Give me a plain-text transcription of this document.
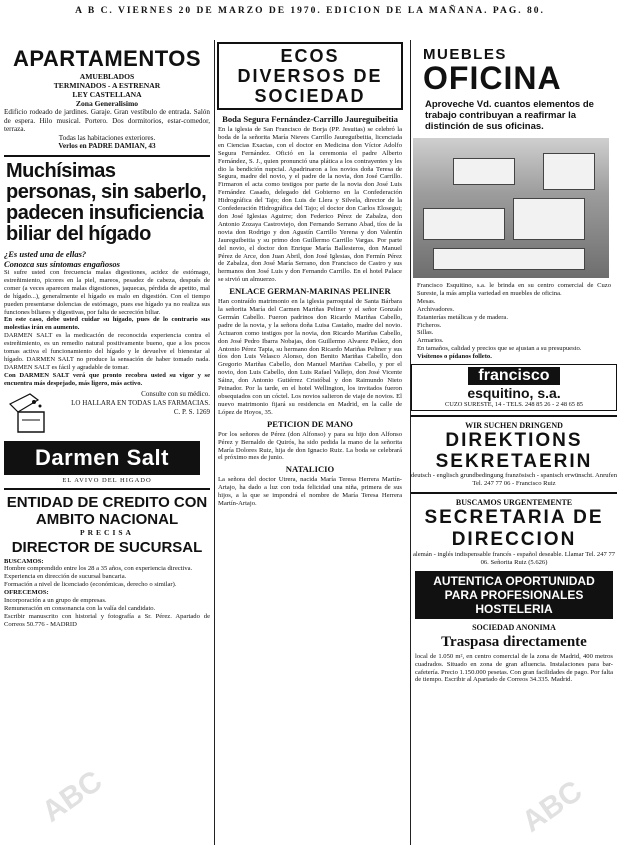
A B C. VIERNES 20 DE MARZO DE 1970. EDICION DE LA MAÑANA. PAG. 80.
APARTAMENTOS
AMUEBLADOS
TERMINADOS - A ESTRENAR
LEY CASTELLANA
Zona Generalisimo
Edificio rodeado de jardines. Garaje. Gran vestíbulo de entrada. Salón de espera. Hilo musical. Portero. Dos dormitorios, estar-comedor, terraza.
Todas las habitaciones exteriores.
Verlos en PADRE DAMIAN, 43
Muchísimas personas, sin saberlo, padecen insuficiencia biliar del hígado
¿Es usted una de ellas?
Conozca sus síntomas engañosos
Si sufre usted con frecuencia malas digestiones, acidez de estómago, estreñimiento, picores en la piel, mareos, pesadez de cabeza, después de comer (a veces aparecen malas digestiones, jaquecas, pérdida de apetito, mal de hígado...), generalmente el hígado es malo en digestión. Con el tiempo pueden presentarse dolencias de estómago, pues ese hígado ya no realiza sus funciones biliares y digestivas, por falta de secreción biliar.
En este caso, debe usted cuidar su hígado, pues de lo contrario sus molestias irán en aumento.
DARMEN SALT es la medicación de reconocida experiencia contra el estreñimiento, es un remedio natural positivamente bueno, que a los pocos tomas activa el funcionamiento del hígado y le devuelve el bienestar al hígado. DARMEN SALT no produce la sensación de haber tomado nada. DARMEN SALT es fácil y agradable de tomar.
Con DARMEN SALT verá que pronto recobra usted su vigor y se encuentra más despejado, más ligero, más activo.
Consulte con su médico.
LO HALLARA EN TODAS LAS FARMACIAS.
C. P. S. 1269
Darmen Salt
EL AVIVO DEL HIGADO
ENTIDAD DE CREDITO CON AMBITO NACIONAL
PRECISA
DIRECTOR DE SUCURSAL
BUSCAMOS:
Hombre comprendido entre los 28 a 35 años, con experiencia directiva.
Experiencia en dirección de sucursal bancaria.
Formación a nivel de licenciado (económicas, derecho o similar).
OFRECEMOS:
Incorporación a un grupo de empresas.
Remuneración en consonancia con la valía del candidato.
Escribir manuscrito con historial y fotografía a Sr. Pérez. Apartado de Correos 50.776 - MADRID
ECOS DIVERSOS DE SOCIEDAD
Boda Segura Fernández-Carrillo Jaureguibeitia
En la iglesia de San Francisco de Borja (PP. Jesuitas) se celebró la boda de la señorita María Nieves Carrillo Jaureguibeitia, licenciada en Ciencias Exactas, con el doctor en Medicina don Víctor Adolfo Segura Fernández. Ofició en la ceremonia el padre Alberto Fernández, S. J., quien pronunció una plática a los contrayentes y les dio la bendición nupcial. Apadrinaron a los novios doña Teresa de Segura, madre del novio, y el padre de la novia, don José Carrillo. Firmaron el acta como testigos por parte de la novia don José Luis Fernández Casado, delegado del Gobierno en la Confederación Hidrográfica del Tajo; don Luis de Llera y Silvela, director de la Confederación Hidrográfica del Tajo; el doctor don Carlos Elosegui; don José Iglesias Aguirre; don Federico Pérez de Zabalza, don Antonio Zozaya Castroviejo, don Fernando Serrano Abad, tíos de la novia don Rodrigo y don Agustín Carrillo Yerena y don Valentín Jaureguibeitia y su primo don Guillermo Carrillo Vargas. Por parte del novio, el doctor don Enrique María Ballesteros, don Manuel Pérez de Arce, don Juan Abril, don José Iglesias, don Fermín Pérez de Zabalza, don José María Serrano, don Francisco de Castro y sus hermanos don José Luis y don Fernando Carrillo. En el hotel Palace se sirvió un almuerzo.
ENLACE GERMAN-MARINAS PELINER
Han contraído matrimonio en la iglesia parroquial de Santa Bárbara la señorita María del Carmen Mariñas Peliner y el señor Gonzalo Germán Cabello. Fueron padrinos don Ricardo Mariñas Cabello, padre de la novia, y la señora doña Luisa Castaño, madre del novio. Actuaron como testigos por la novia, don Ricardo Mariñas Cabello, don José Pedro Ibarra Nobajas, don Guillermo Alvarez Peláez, don Antonio Pérez Tapia, su hermano don Ricardo Mariñas Peliner y sus tíos don Luis Velasco Alonso, don Benito Mariñas Cabello, don Gregorio Mariñas Cabello, don Manuel Mariñas Cabello, y por el novio, don Luis Cabello, don Luis Rafael Vallejo, don José Vicente Sáinz, don Antonio Gutiérrez Cristóbal y don Raimundo Nieto Peinador. Por la tarde, en el hotel Wellington, los invitados fueron obsequiados con un cóctel. Los novios salieron de viaje de novios. El nuevo matrimonio fijará su residencia en Madrid, en la calle de López de Hoyos, 35.
PETICION DE MANO
Por los señores de Pérez (don Alfonso) y para su hijo don Alfonso Pérez y Bernaldo de Quirós, ha sido pedida la mano de la señorita María Dolores Ruiz, hija de don Ignacio Ruiz. La boda se celebrará el próximo mes de junio.
NATALICIO
La señora del doctor Utrera, nacida María Teresa Herrera Martín-Artajo, ha dado a luz con toda felicidad una niña, primera de sus hijos, a la que se impondrá el nombre de María Teresa Herrera Martín-Artajo.
MUEBLES
OFICINA
Aproveche Vd. cuantos elementos de trabajo contribuyan a reafirmar la distinción de sus oficinas.
Francisco Esquitino, s.a. le brinda en su centro comercial de Cuzo Sureste, la más amplia variedad en muebles de oficina.
Mesas.
Archivadores.
Estanterías metálicas y de madera.
Ficheros.
Sillas.
Armarios.
En tamaños, calidad y precios que se ajustan a su presupuesto.
Visítenos o pídanos folleto.
francisco
esquitino, s.a.
CUZO SURESTE, 14 - TELS. 248 85 26 - 2 48 65 85
WIR SUCHEN DRINGEND
DIREKTIONS SEKRETAERIN
deutsch - englisch grundbedingung französisch - spanisch erwünscht. Anrufen Tel. 247 77 06 - Francisco Ruiz
BUSCAMOS URGENTEMENTE
SECRETARIA DE DIRECCION
alemán - inglés indispensable francés - español deseable. Llamar Tel. 247 77 06. Señorita Ruiz (5.626)
AUTENTICA OPORTUNIDAD PARA PROFESIONALES HOSTELERIA
SOCIEDAD ANONIMA
Traspasa directamente
local de 1.050 m², en centro comercial de la zona de Madrid, 400 metros cuadrados. Situado en zona de gran afluencia. Instalaciones para bar-cafetería. Precio 1.150.000 pesetas. Con gran facilidades de pago. Por falta de tiempo. Escribir al Apartado de Correos 34.335. Madrid.
ABC	ABC
